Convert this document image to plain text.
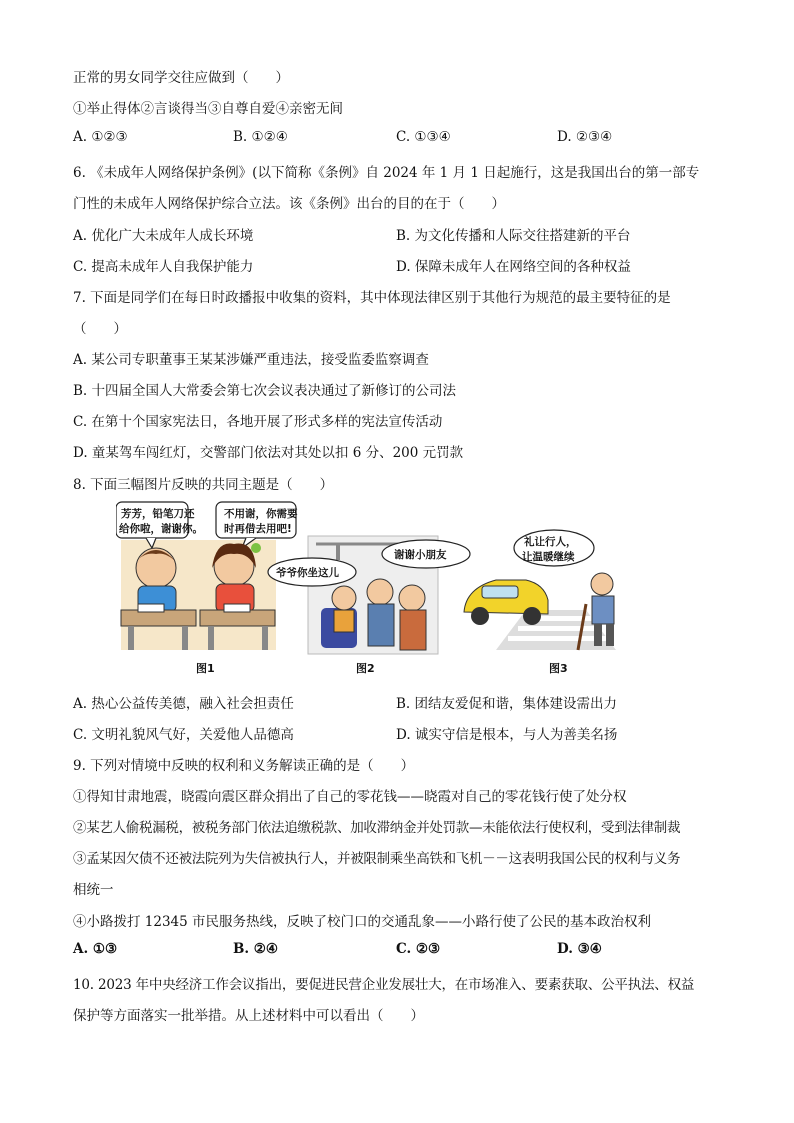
正常的男女同学交往应做到（　　）
①举止得体②言谈得当③自尊自爱④亲密无间
A. ①②③	B. ①②④	C. ①③④	D. ②③④
6. 《未成年人网络保护条例》(以下简称《条例》自 2024 年 1 月 1 日起施行，这是我国出台的第一部专
门性的未成年人网络保护综合立法。该《条例》出台的目的在于（　　）
A. 优化广大未成年人成长环境	B. 为文化传播和人际交往搭建新的平台
C. 提高未成年人自我保护能力	D. 保障未成年人在网络空间的各种权益
7. 下面是同学们在每日时政播报中收集的资料，其中体现法律区别于其他行为规范的最主要特征的是
（　　）
A. 某公司专职董事王某某涉嫌严重违法，接受监委监察调查
B. 十四届全国人大常委会第七次会议表决通过了新修订的公司法
C. 在第十个国家宪法日，各地开展了形式多样的宪法宣传活动
D. 童某驾车闯红灯，交警部门依法对其处以扣 6 分、200 元罚款
8. 下面三幅图片反映的共同主题是（　　）
芳芳，铅笔刀还
给你啦，谢谢你。
不用谢，你需要
时再借去用吧!
爷爷你坐这儿
谢谢小朋友
礼让行人，
让温暖继续
图1	图2	图3
A. 热心公益传美德，融入社会担责任	B. 团结友爱促和谐，集体建设需出力
C. 文明礼貌风气好，关爱他人品德高	D. 诚实守信是根本，与人为善美名扬
9. 下列对情境中反映的权利和义务解读正确的是（　　）
①得知甘肃地震，晓霞向震区群众捐出了自己的零花钱——晓霞对自己的零花钱行使了处分权
②某艺人偷税漏税，被税务部门依法追缴税款、加收滞纳金并处罚款—未能依法行使权利，受到法律制裁
③孟某因欠债不还被法院列为失信被执行人，并被限制乘坐高铁和飞机－－这表明我国公民的权利与义务
相统一
④小路拨打 12345 市民服务热线，反映了校门口的交通乱象——小路行使了公民的基本政治权利
A. ①③	B. ②④	C. ②③	D. ③④
10. 2023 年中央经济工作会议指出，要促进民营企业发展壮大，在市场准入、要素获取、公平执法、权益
保护等方面落实一批举措。从上述材料中可以看出（　　）
